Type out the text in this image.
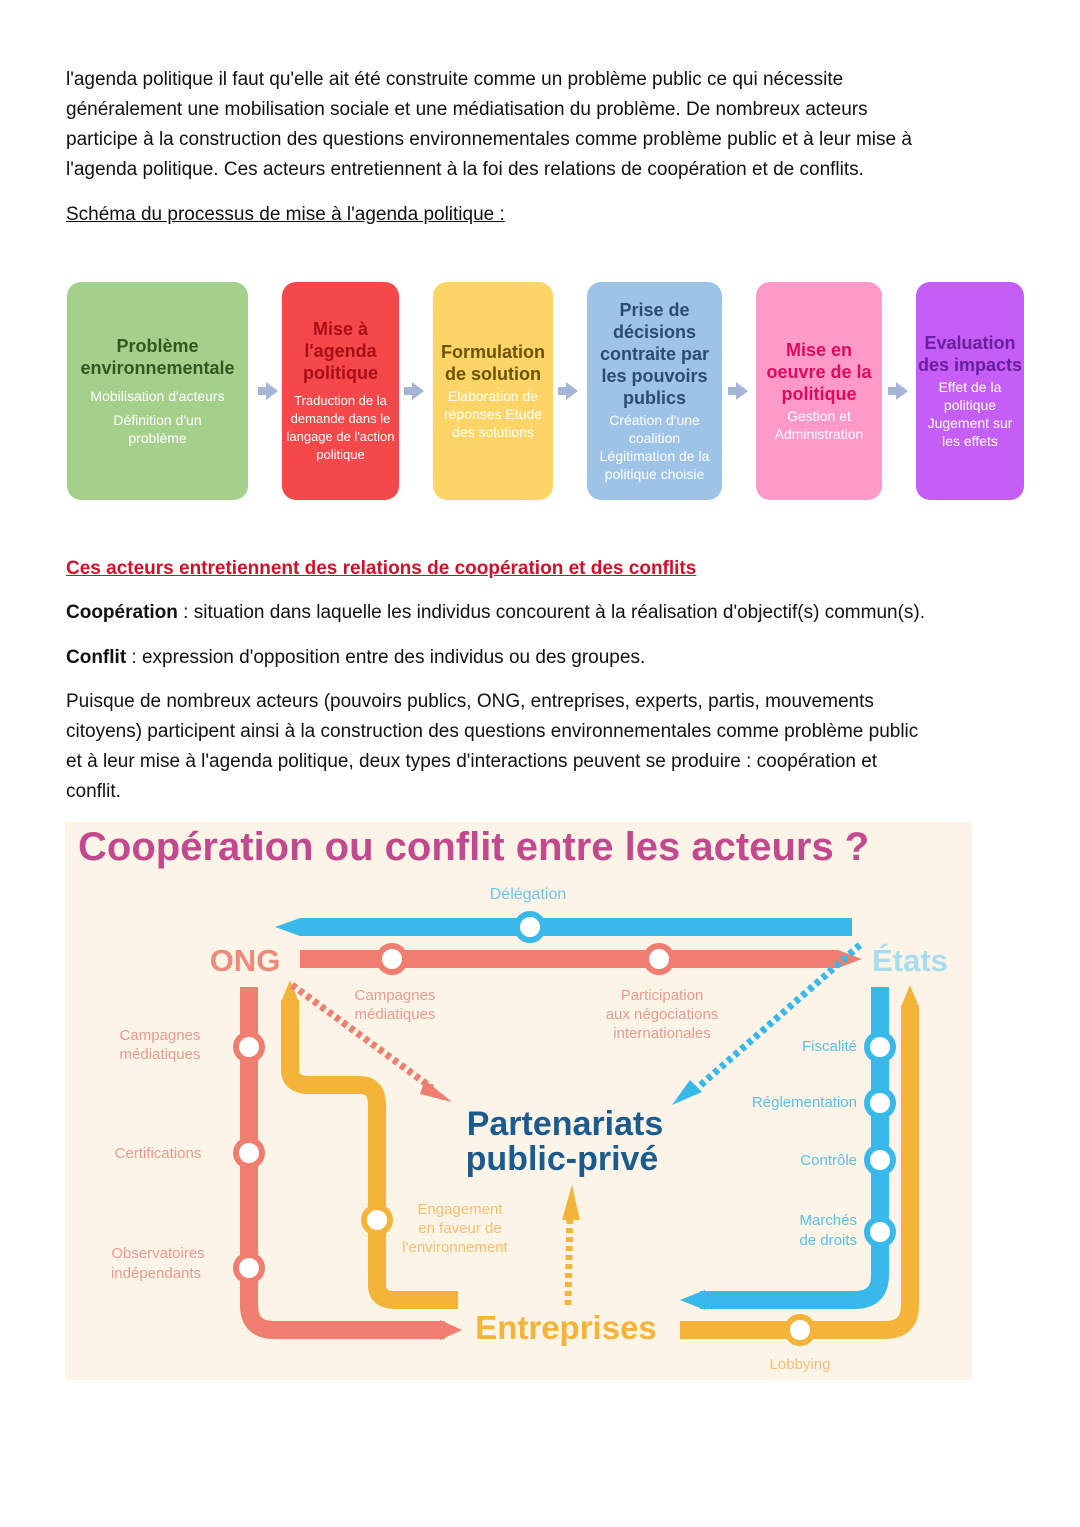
l'agenda politique il faut qu'elle ait été construite comme un problème public ce qui nécessite

généralement une mobilisation sociale et une médiatisation du problème. De nombreux acteurs

participe à la construction des questions environnementales comme problème public et à leur mise à

l'agenda politique. Ces acteurs entretiennent à la foi des relations de coopération et de conflits.

Schéma du processus de mise à l'agenda politique :
Problème environnementale
Mobilisation d'acteurs
Définition d'un problème
Mise à l'agenda politique
Traduction de la demande dans le langage de l'action politique
Formulation de solution
Elaboration de réponses Etude des solutions
Prise de décisions contraite par les pouvoirs publics
Création d'une coalition
Légitimation de la politique choisie
Mise en oeuvre de la politique
Gestion et Administration
Evaluation des impacts
Effet de la politique
Jugement sur les effets
Ces acteurs entretiennent des relations de coopération et des conflits
Coopération : situation dans laquelle les individus concourent à la réalisation d'objectif(s) commun(s).
Conflit : expression d'opposition entre des individus ou des groupes.

Puisque de nombreux acteurs (pouvoirs publics, ONG, entreprises, experts, partis, mouvements

citoyens) participent ainsi à la construction des questions environnementales comme problème public

et à leur mise à l'agenda politique, deux types d'interactions peuvent se produire : coopération et

conflit.

Coopération ou conflit entre les acteurs ?
Délégation
ONG	États
Campagnes
médiatiques
Participation
aux négociations
internationales
Campagnes
médiatiques
Certifications
Observatoires
indépendants
Engagement
en faveur de
l'environnement
Fiscalité
Réglementation
Contrôle
Marchés
de droits
Lobbying
Partenariats
public-privé
Entreprises
